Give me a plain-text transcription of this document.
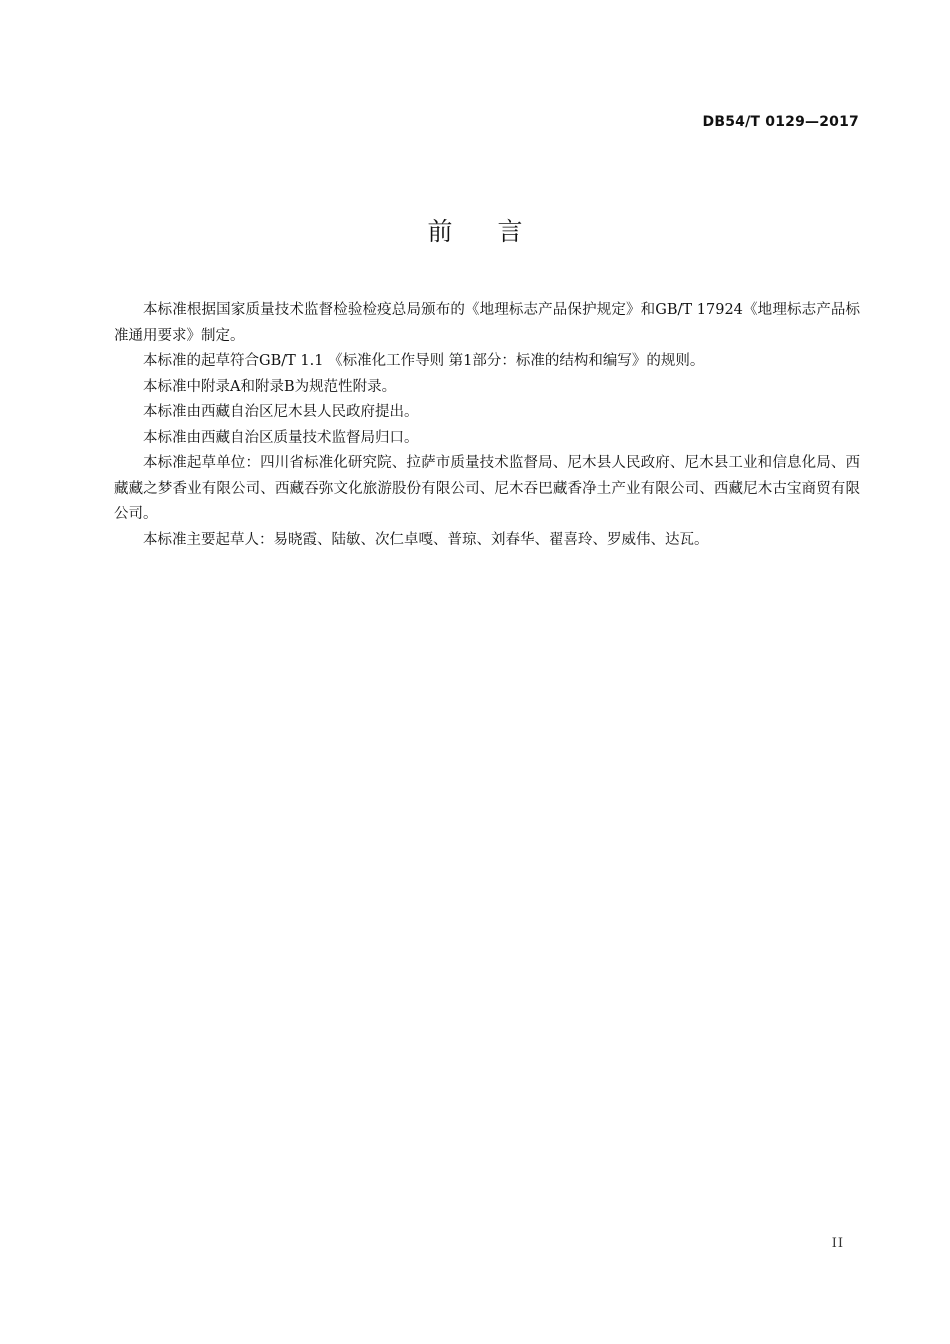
DB54/T 0129—2017
前 言

本标准根据国家质量技术监督检验检疫总局颁布的《地理标志产品保护规定》和GB/T 17924《地理标志产品标准通用要求》制定。

本标准的起草符合GB/T 1.1 《标准化工作导则 第1部分：标准的结构和编写》的规则。

本标准中附录A和附录B为规范性附录。

本标准由西藏自治区尼木县人民政府提出。

本标准由西藏自治区质量技术监督局归口。

本标准起草单位：四川省标准化研究院、拉萨市质量技术监督局、尼木县人民政府、尼木县工业和信息化局、西藏藏之梦香业有限公司、西藏吞弥文化旅游股份有限公司、尼木吞巴藏香净土产业有限公司、西藏尼木古宝商贸有限公司。

本标准主要起草人：易晓霞、陆敏、次仁卓嘎、普琼、刘春华、翟喜玲、罗威伟、达瓦。

II
